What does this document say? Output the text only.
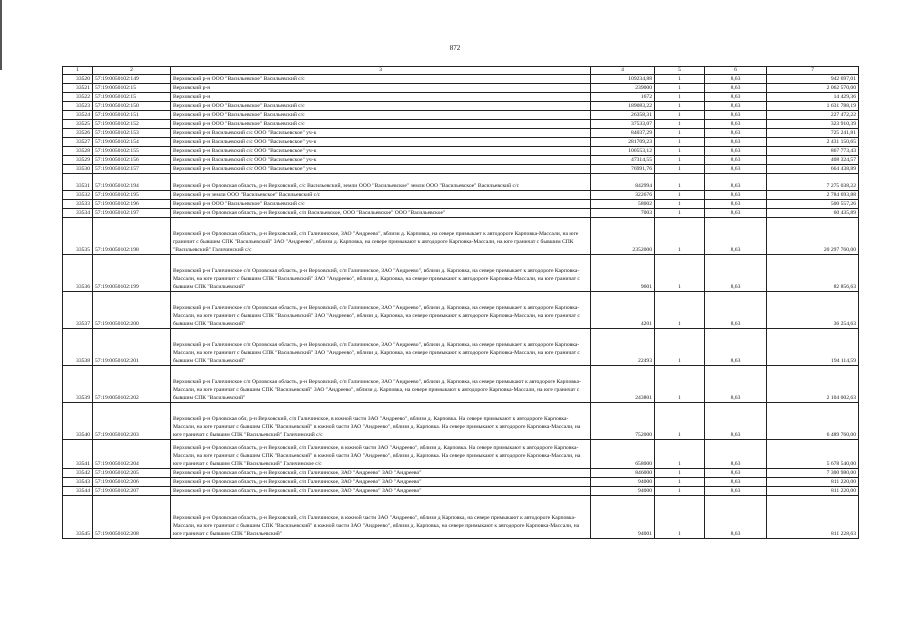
872
1	2	3	4	5	6	7
33520	57:19:0050102:149	Верховский р-н ООО "Васильевское" Васильевский с/с	109234,88	1	8,63	942 697,01
33521	57:19:0050102:15	Верховский р-н	239000	1	8,63	2 062 570,00
33522	57:19:0050102:15	Верховский р-н	1672	1	8,63	14 429,36
33523	57:19:0050102:150	Верховский р-н ООО "Васильевское" Васильевский с/с	189083,22	1	8,63	1 631 788,19
33524	57:19:0050102:151	Верховский р-н ООО "Васильевское" Васильевский с/с	26358,31	1	8,63	227 472,22
33525	57:19:0050102:152	Верховский р-н ООО "Васильевское" Васильевский с/с	37533,07	1	8,63	323 910,39
33526	57:19:0050102:153	Верховский р-н Васильевский с/с ООО "Васильевское" уч-к	84037,29	1	8,63	725 241,81
33527	57:19:0050102:154	Верховский р-н Васильевский с/с ООО "Васильевское" уч-к	281709,23	1	8,63	2 431 150,65
33528	57:19:0050102:155	Верховский р-н Васильевский с/с ООО "Васильевское" уч-к	100553,12	1	8,63	867 773,43
33529	57:19:0050102:156	Верховский р-н Васильевский с/с ООО "Васильевское" уч-к	47314,55	1	8,63	408 324,57
33530	57:19:0050102:157	Верховский р-н Васильевский с/с ООО "Васильевское" уч-к	76991,76	1	8,63	664 438,89
33531	57:19:0050102:194	Верховский р-н Орловская область, р-н Верховский, с/с Васильевский, земли ООО "Васильевское" земли ООО "Васильевское" Васильевский с/с	842994	1	8,63	7 275 038,22
33532	57:19:0050102:195	Верховский р-н земли ООО "Васильевское" Васильевский с/с	322676	1	8,63	2 784 693,88
33533	57:19:0050102:196	Верховский р-н ООО "Васильевское" Васильевский с/с	58002	1	8,63	500 557,26
33534	57:19:0050102:197	Верховский р-н Орловская область, р-н Верховский, с/п Васильевское, ООО "Васильевское" ООО "Васильевское"	7003	1	8,63	60 435,89
33535	57:19:0050102:198	Верховский р-н Орловская область, р-н Верховский, с/п Галичинское, ЗАО "Андреево", вблизи д. Карповка, на севере примыкает к автодороге Карповка-Массали, на юге граничит с бывшим СПК "Васильевский" ЗАО "Андреево", вблизи д. Карповка, на севере примыкают к автодороге Карповка-Массали, на юге граничат с бывшим СПК "Васильевский" Галичинский с/с	2352000	1	8,63	20 297 760,00
33536	57:19:0050102:199	Верховский р-н Галичинское с/п Орловская область, р-н Верховский, с/п Галичинское, ЗАО "Андреево", вблизи д. Карповка, на севере примыкает к автодороге Карповка-Массали, на юге граничит с бывшим СПК "Васильевский" ЗАО "Андреево", вблизи д. Карповка, на севере примыкают к автодороге Карповка-Массали, на юге граничат с бывшим СПК "Васильевский"	9601	1	8,63	82 856,63
33537	57:19:0050102:200	Верховский р-н Галичинское с/п Орловская область, р-н Верховский, с/п Галичинское, ЗАО "Андреево", вблизи д. Карповка, на севере примыкает к автодороге Карповка-Массали, на юге граничит с бывшим СПК "Васильевский" ЗАО "Андреево", вблизи д. Карповка, на севере примыкают к автодороге Карповка-Массали, на юге граничат с бывшим СПК "Васильевский"	4201	1	8,63	36 254,63
33538	57:19:0050102:201	Верховский р-н Галичинское с/п Орловская область, р-н Верховский, с/п Галичинское, ЗАО "Андреево", вблизи д. Карповка, на севере примыкает к автодороге Карповка-Массали, на юге граничит с бывшим СПК "Васильевский" ЗАО "Андреево", вблизи д. Карповка, на севере примыкают к автодороге Карповка-Массали, на юге граничат с бывшим СПК "Васильевский"	22493	1	8,63	194 114,59
33539	57:19:0050102:202	Верховский р-н Галичинское с/п Орловская область, р-н Верховский, с/п Галичинское, ЗАО "Андреево", вблизи д. Карповка, на севере примыкают к автодороге Карповка-Массали, на юге граничат с бывшим СПК "Васильевский" ЗАО "Андреево", вблизи д. Карповка, на севере примыкают к автодороге Карповка-Массали, на юге граничат с бывшим СПК "Васильевский"	243801	1	8,63	2 104 002,63
33540	57:19:0050102:203	Верховский р-н Орловская обл, р-н Верховский, с/п Галичинское, в южной части ЗАО "Андреево", вблизи д. Карповка. На севере примыкают к автодороге Карповка-Массали, на юге граничат с бывшим СПК "Васильевский" в южной части ЗАО "Андреево", вблизи д. Карповка. На севере примыкают к автодороге Карповка-Массали, на юге граничат с бывшим СПК "Васильевский" Галичинский с/с	752000	1	8,63	6 489 760,00
33541	57:19:0050102:204	Верховский р-н Орловская область, р-н Верховский, с/п Галичинское, в южной части ЗАО "Андреево", вблизи д. Карповка. На севере примыкают к автодороге Карповка-Массали, на юге граничат с бывшим СПК "Васильевский" в южной части ЗАО "Андреево", вблизи д. Карповка. На севере примыкают к автодороге Карповка-Массали, на юге граничат с бывшим СПК "Васильевский" Галичинское с/с	658000	1	8,63	5 678 540,00
33542	57:19:0050102:205	Верховский р-н Орловская область, р-н Верховский, с/п Галичинское, ЗАО "Андреево" ЗАО "Андреево"	846000	1	8,63	7 300 980,00
33543	57:19:0050102:206	Верховский р-н Орловская область, р-н Верховский, с/п Галичинское, ЗАО "Андреево" ЗАО "Андреево"	94000	1	8,63	811 220,00
33544	57:19:0050102:207	Верховский р-н Орловская область, р-н Верховский, с/п Галичинское, ЗАО "Андреево" ЗАО "Андреево"	94000	1	8,63	811 220,00
33545	57:19:0050102:208	Верховский р-н Орловская область, р-н Верховский, с/п Галичинское, в южной части ЗАО "Андреево", вблизи д Карповка, на севере примыкают к автодороге Карповка-Массали, на юге граничат с бывшим СПК "Васильевский" в южной части ЗАО "Андреево", вблизи д. Карповка, на севере примыкают к автодороге Карповка-Массали, на юге граничат с бывшим СПК "Васильевский"	94001	1	8,63	811 228,63
